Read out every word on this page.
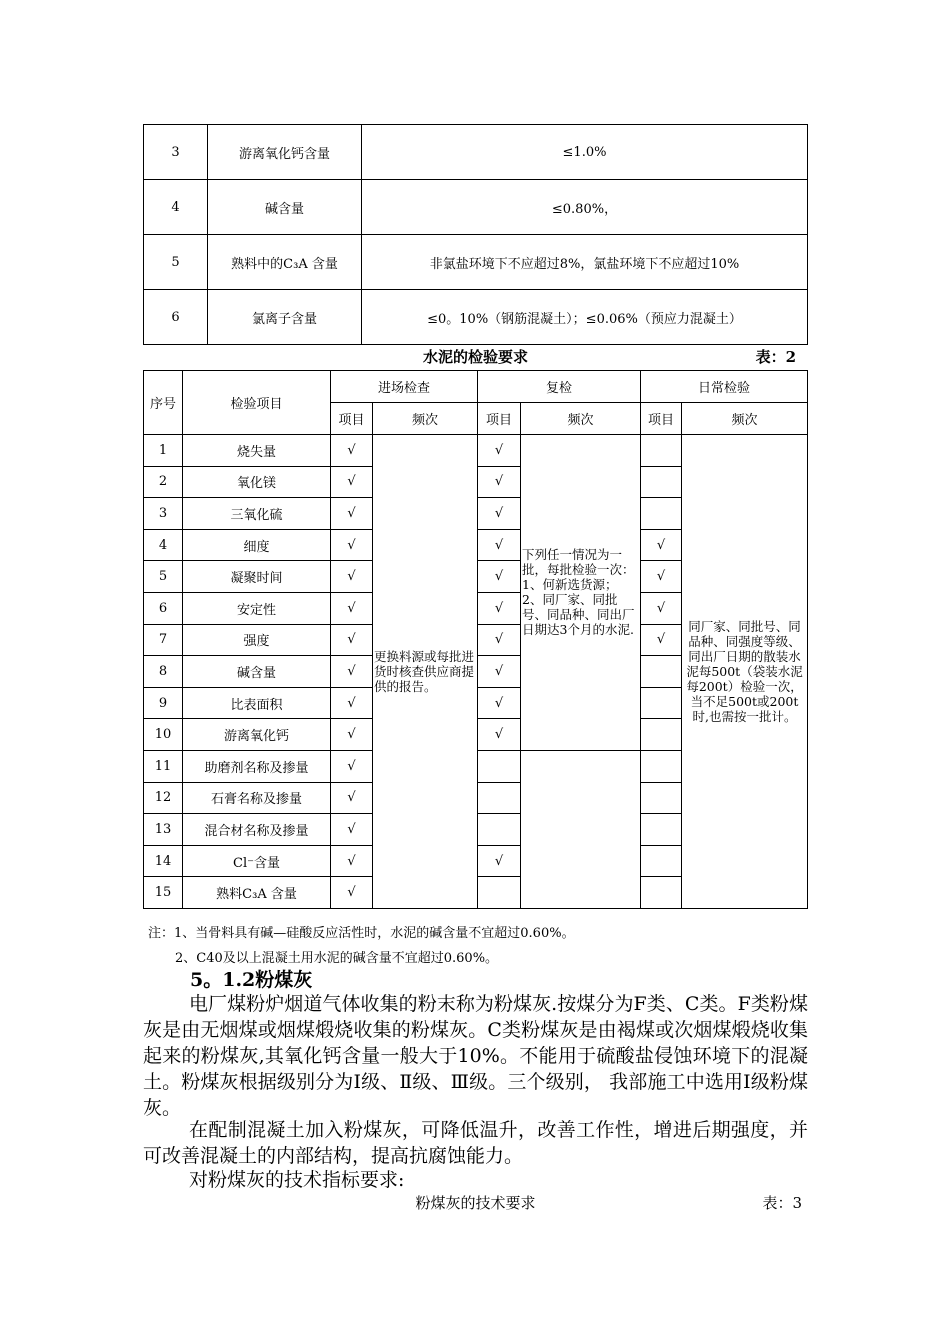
3	游离氧化钙含量	≤1.0%
4	碱含量	≤0.80%，
5	熟料中的C₃A 含量	非氯盐环境下不应超过8%，氯盐环境下不应超过10%
6	氯离子含量	≤0。10%（钢筋混凝土）；≤0.06%（预应力混凝土）
水泥的检验要求	表：2
序号	检验项目	进场检查		复检		日常检验	
		项目	频次	项目	频次	项目	频次
1	烧失量	√	更换料源或每批进货时核查供应商提供的报告。	√	下列任一情况为一批，每批检验一次：
1、何新选货源；
2、同厂家、同批号、同品种、同出厂日期达3个月的水泥.		同厂家、同批号、同品种、同强度等级、同出厂日期的散装水泥每500t（袋装水泥每200t）检验一次，当不足500t或200t时,也需按一批计。
2	氧化镁	√		√			
3	三氧化硫	√		√			
4	细度	√		√		√	
5	凝聚时间	√		√		√	
6	安定性	√		√		√	
7	强度	√		√		√	
8	碱含量	√		√			
9	比表面积	√		√			
10	游离氧化钙	√		√			
11	助磨剂名称及掺量	√					
12	石膏名称及掺量	√					
13	混合材名称及掺量	√					
14	Cl⁻含量	√		√			
15	熟料C₃A 含量	√					
注：1、当骨料具有碱—硅酸反应活性时，水泥的碱含量不宜超过0.60%。
2、C40及以上混凝土用水泥的碱含量不宜超过0.60%。
5。1.2粉煤灰
电厂煤粉炉烟道气体收集的粉末称为粉煤灰.按煤分为F类、C类。F类粉煤灰是由无烟煤或烟煤煅烧收集的粉煤灰。C类粉煤灰是由褐煤或次烟煤煅烧收集起来的粉煤灰,其氧化钙含量一般大于10%。不能用于硫酸盐侵蚀环境下的混凝土。粉煤灰根据级别分为Ⅰ级、Ⅱ级、Ⅲ级。三个级别， 我部施工中选用Ⅰ级粉煤灰。
在配制混凝土加入粉煤灰，可降低温升，改善工作性，增进后期强度，并可改善混凝土的内部结构，提高抗腐蚀能力。
对粉煤灰的技术指标要求:
粉煤灰的技术要求	表：3
